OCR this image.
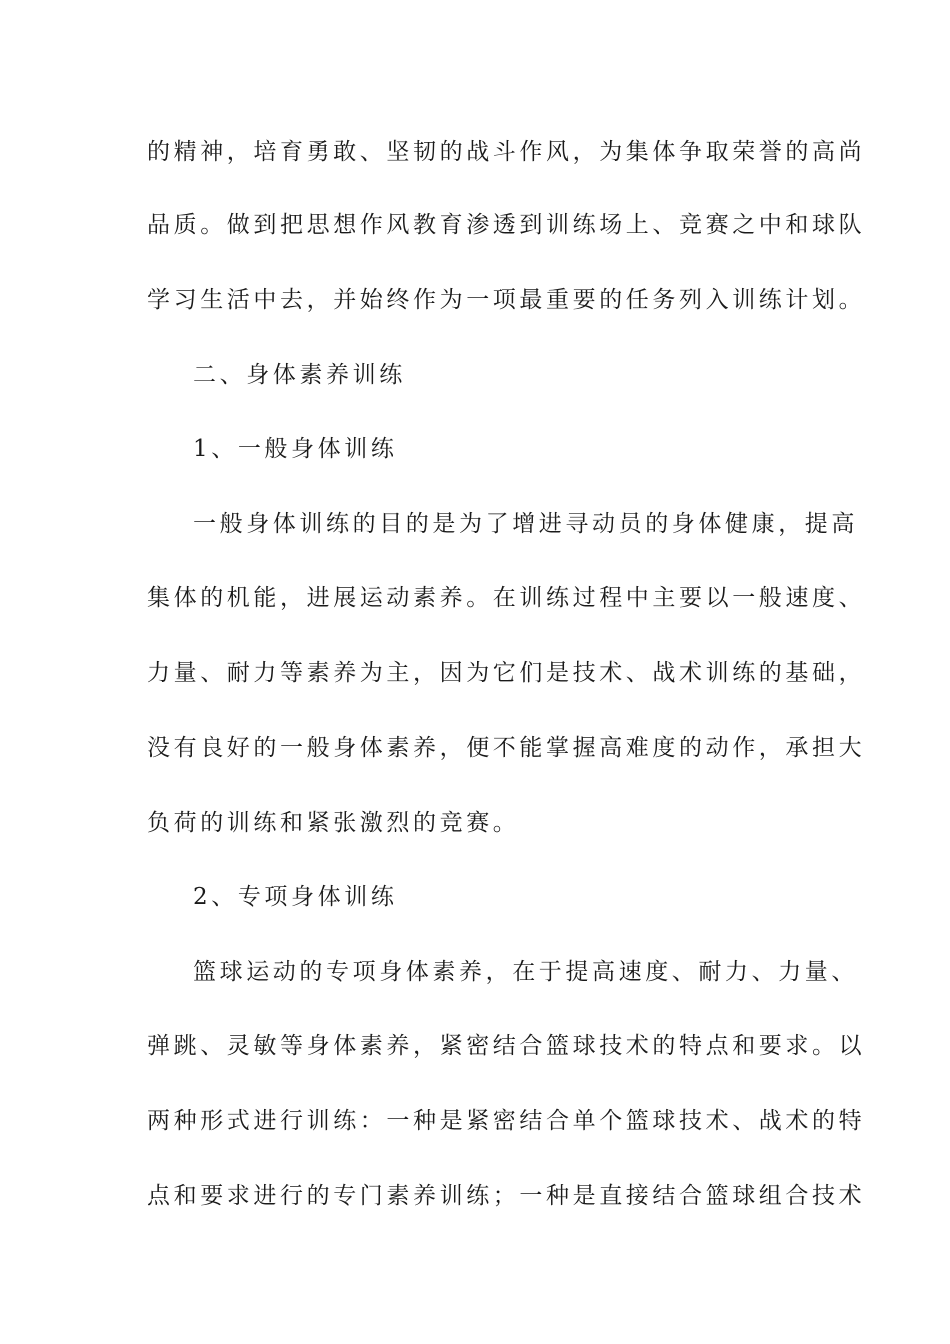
的精神，培育勇敢、坚韧的战斗作风，为集体争取荣誉的高尚
品质。做到把思想作风教育渗透到训练场上、竞赛之中和球队
学习生活中去，并始终作为一项最重要的任务列入训练计划。
二、身体素养训练
1、一般身体训练
一般身体训练的目的是为了增进寻动员的身体健康，提高
集体的机能，进展运动素养。在训练过程中主要以一般速度、
力量、耐力等素养为主，因为它们是技术、战术训练的基础，
没有良好的一般身体素养，便不能掌握高难度的动作，承担大
负荷的训练和紧张激烈的竞赛。
2、专项身体训练
篮球运动的专项身体素养，在于提高速度、耐力、力量、
弹跳、灵敏等身体素养，紧密结合篮球技术的特点和要求。以
两种形式进行训练：一种是紧密结合单个篮球技术、战术的特
点和要求进行的专门素养训练；一种是直接结合篮球组合技术
